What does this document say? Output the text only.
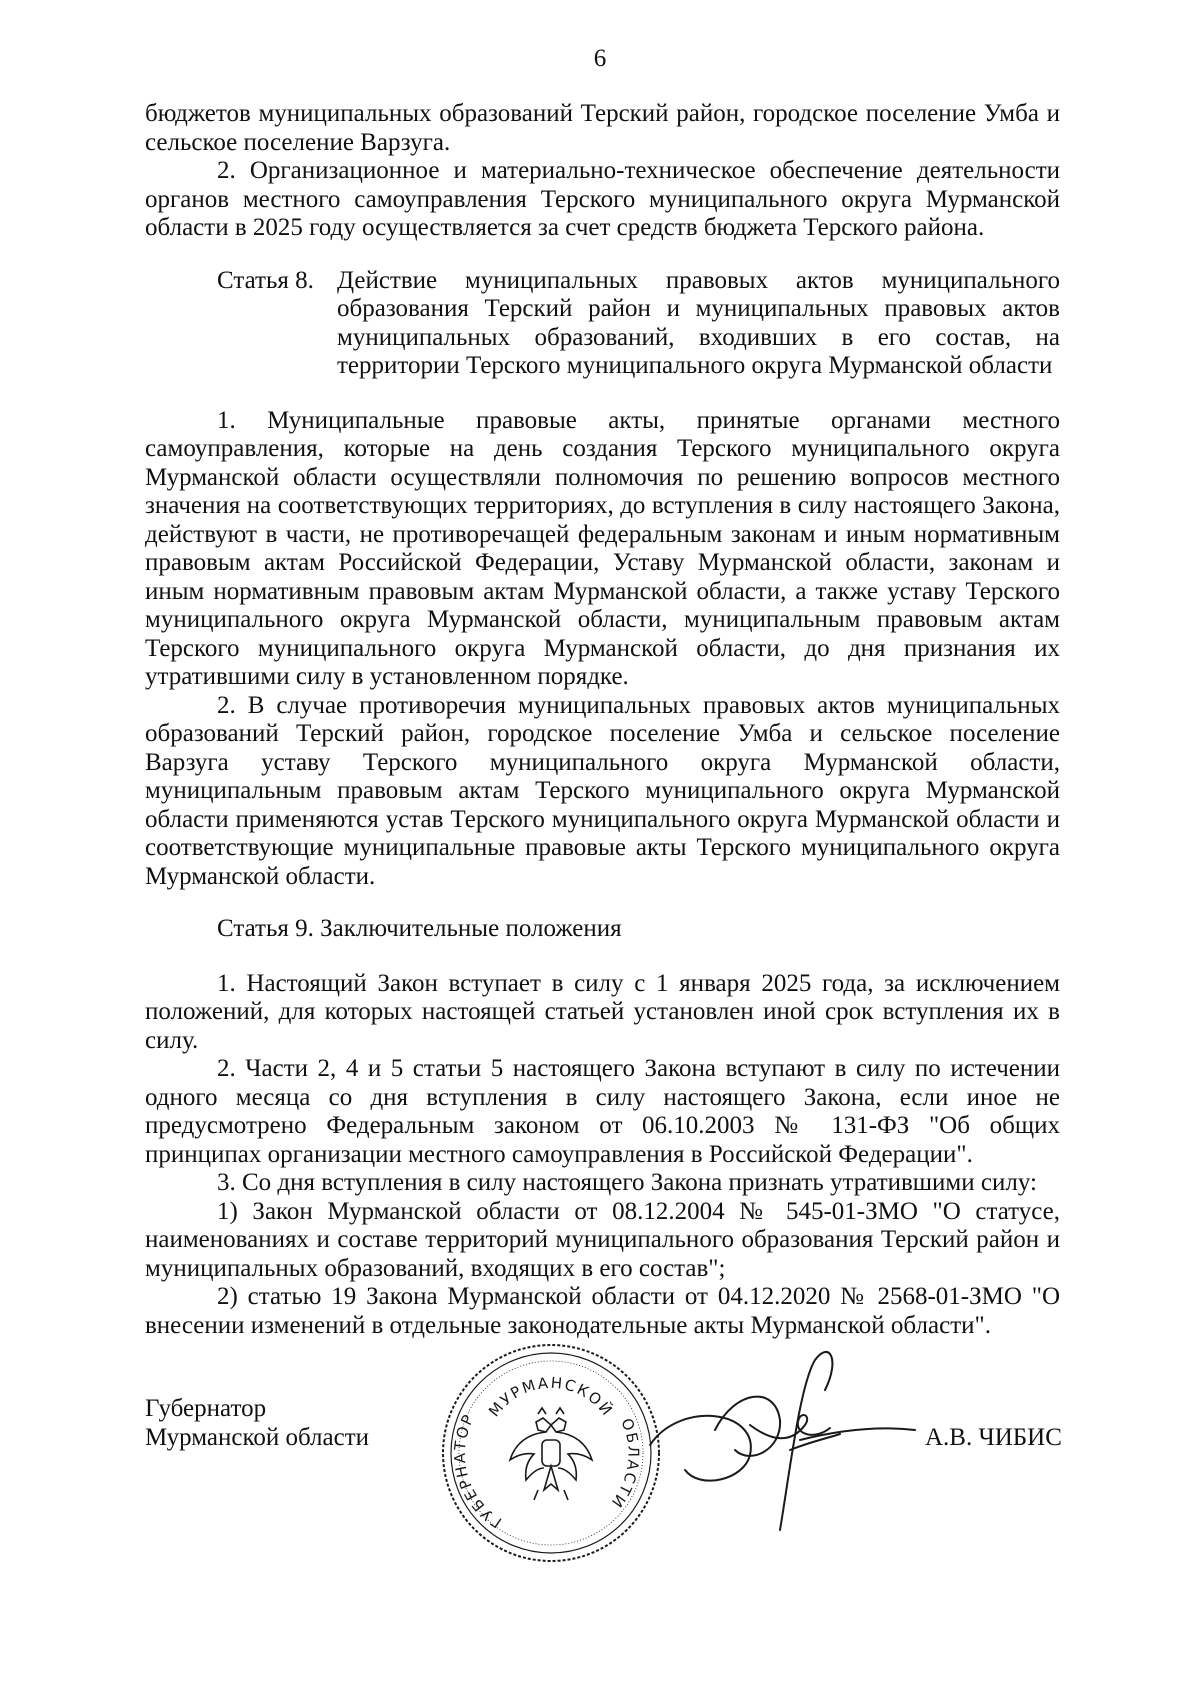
6

бюджетов муниципальных образований Терский район, городское поселение Умба и сельское поселение Варзуга.

2. Организационное и материально-техническое обеспечение деятельности органов местного самоуправления Терского муниципального округа Мурманской области в 2025 году осуществляется за счет средств бюджета Терского района.

Статья 8. Действие муниципальных правовых актов муниципального образования Терский район и муниципальных правовых актов муниципальных образований, входивших в его состав, на территории Терского муниципального округа Мурманской области

1. Муниципальные правовые акты, принятые органами местного самоуправления, которые на день создания Терского муниципального округа Мурманской области осуществляли полномочия по решению вопросов местного значения на соответствующих территориях, до вступления в силу настоящего Закона, действуют в части, не противоречащей федеральным законам и иным нормативным правовым актам Российской Федерации, Уставу Мурманской области, законам и иным нормативным правовым актам Мурманской области, а также уставу Терского муниципального округа Мурманской области, муниципальным правовым актам Терского муниципального округа Мурманской области, до дня признания их утратившими силу в установленном порядке.

2. В случае противоречия муниципальных правовых актов муниципальных образований Терский район, городское поселение Умба и сельское поселение Варзуга уставу Терского муниципального округа Мурманской области, муниципальным правовым актам Терского муниципального округа Мурманской области применяются устав Терского муниципального округа Мурманской области и соответствующие муниципальные правовые акты Терского муниципального округа Мурманской области.

Статья 9. Заключительные положения

1. Настоящий Закон вступает в силу с 1 января 2025 года, за исключением положений, для которых настоящей статьей установлен иной срок вступления их в силу.

2. Части 2, 4 и 5 статьи 5 настоящего Закона вступают в силу по истечении одного месяца со дня вступления в силу настоящего Закона, если иное не предусмотрено Федеральным законом от 06.10.2003 № 131-ФЗ "Об общих принципах организации местного самоуправления в Российской Федерации".

3. Со дня вступления в силу настоящего Закона признать утратившими силу:

1) Закон Мурманской области от 08.12.2004 № 545-01-ЗМО "О статусе, наименованиях и составе территорий муниципального образования Терский район и муниципальных образований, входящих в его состав";

2) статью 19 Закона Мурманской области от 04.12.2020 № 2568-01-ЗМО "О внесении изменений в отдельные законодательные акты Мурманской области".

Губернатор
Мурманской области
МУРМАНСКОЙ
ГУБЕРНАТОР	ОБЛАСТИ
А.В. ЧИБИС
